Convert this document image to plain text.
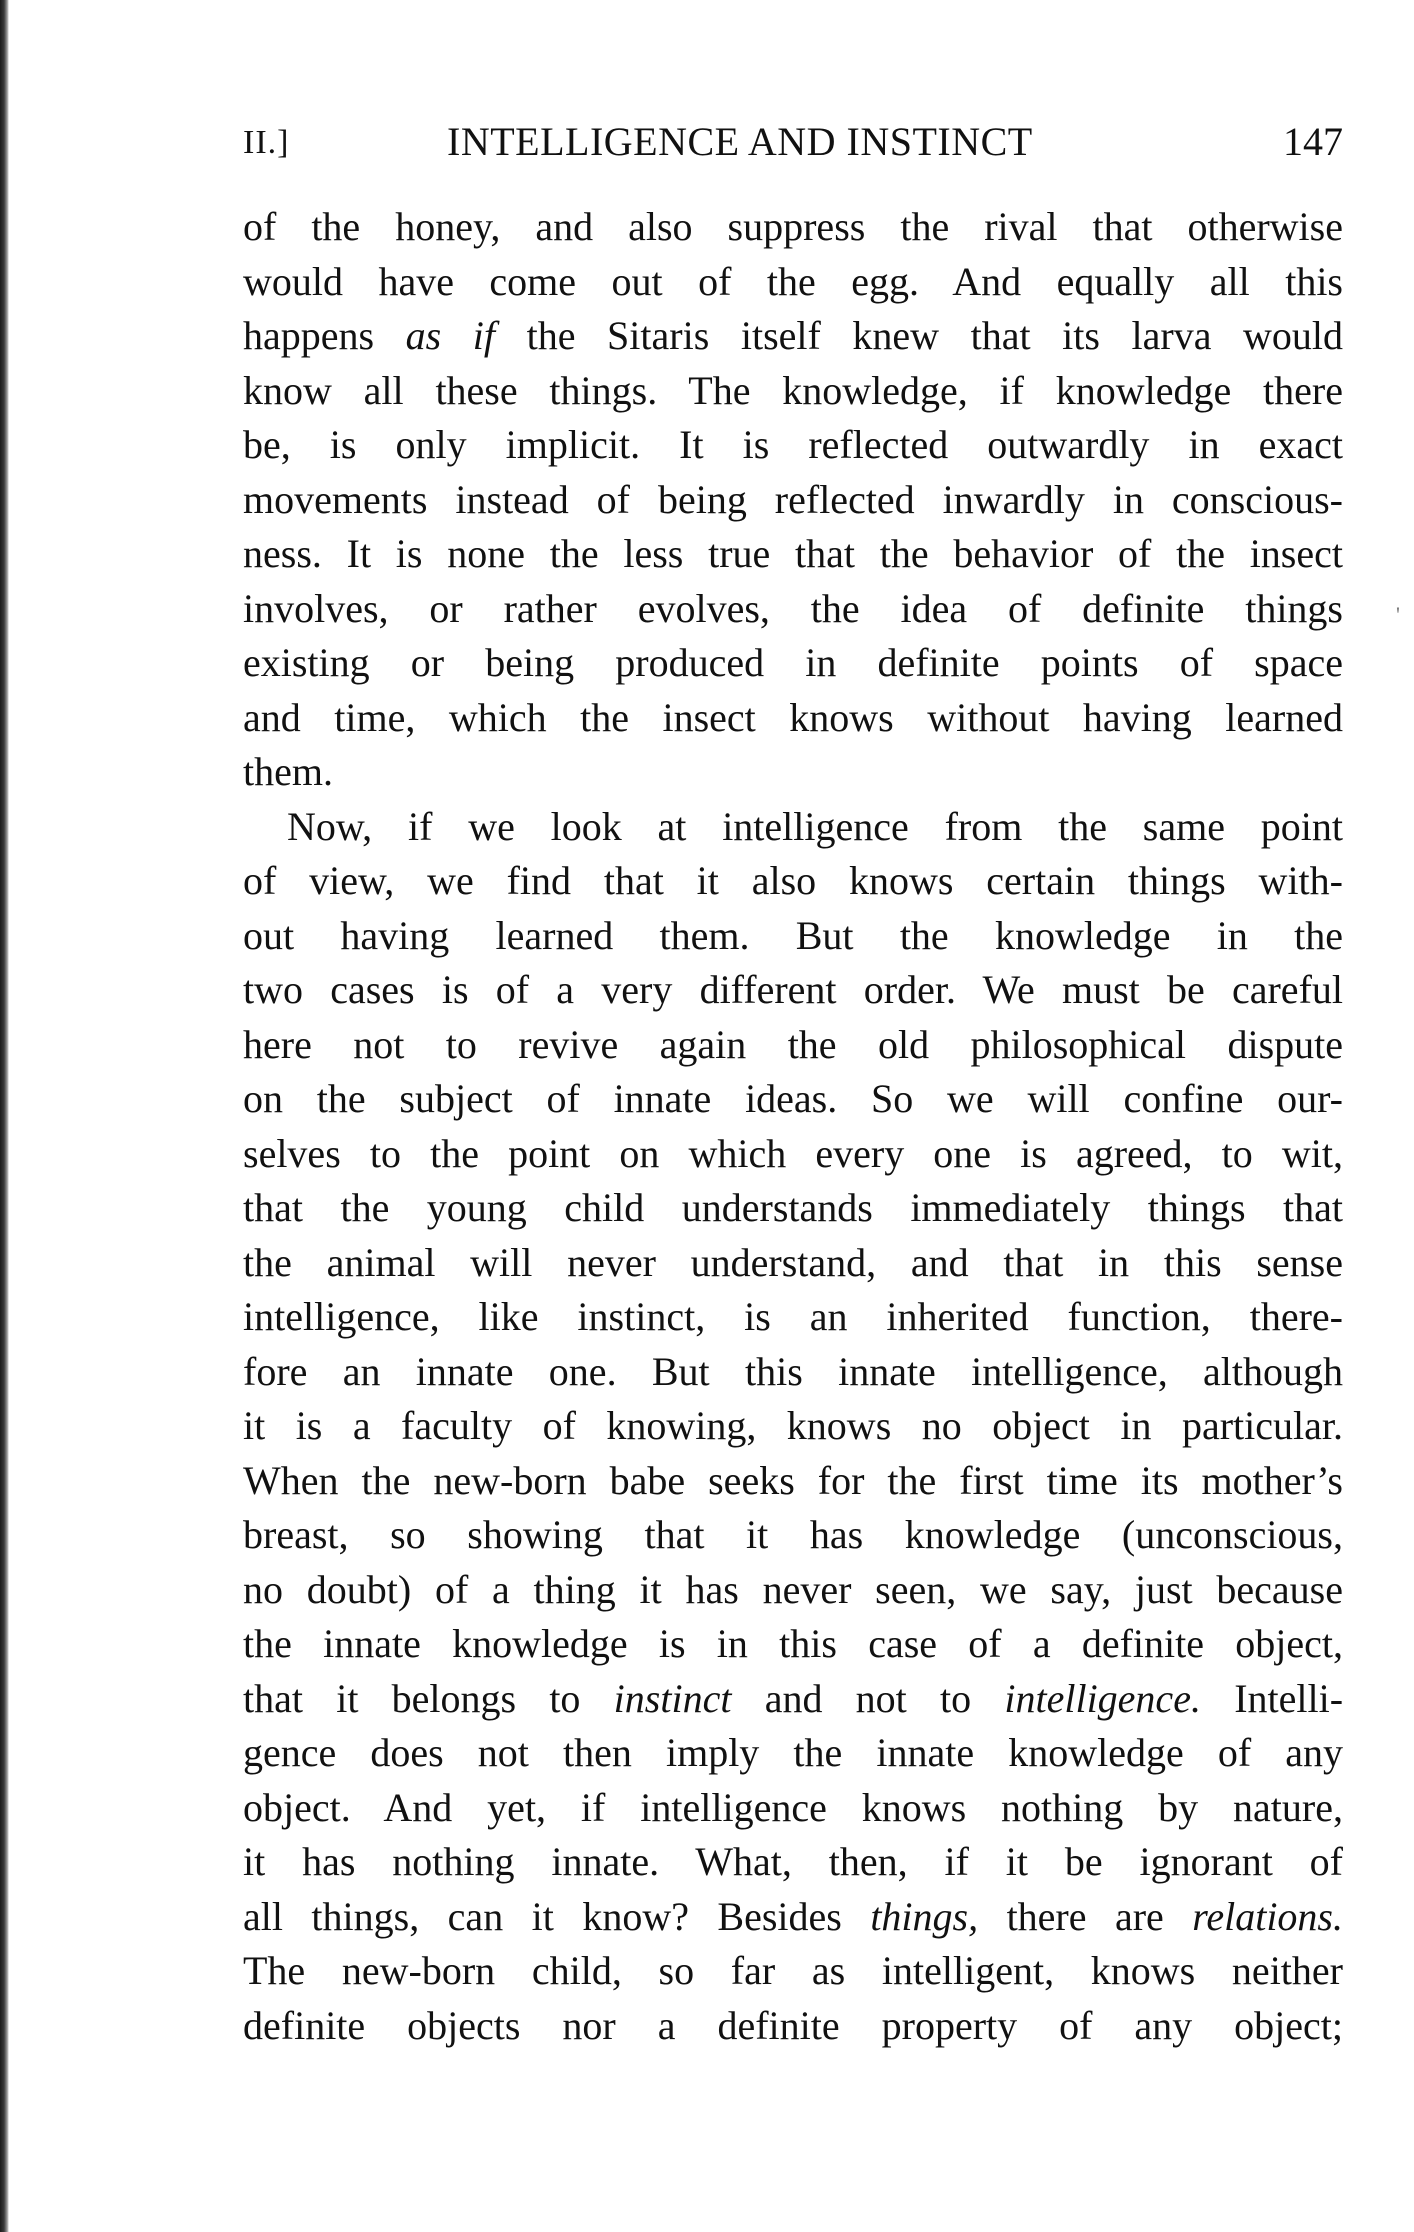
II.]	INTELLIGENCE AND INSTINCT	147
'
of the honey, and also suppress the rival that otherwise
would have come out of the egg. And equally all this
happens as if the Sitaris itself knew that its larva would
know all these things. The knowledge, if knowledge there
be, is only implicit. It is reflected outwardly in exact
movements instead of being reflected inwardly in conscious-
ness. It is none the less true that the behavior of the insect
involves, or rather evolves, the idea of definite things
existing or being produced in definite points of space
and time, which the insect knows without having learned
them.
Now, if we look at intelligence from the same point
of view, we find that it also knows certain things with-
out having learned them. But the knowledge in the
two cases is of a very different order. We must be careful
here not to revive again the old philosophical dispute
on the subject of innate ideas. So we will confine our-
selves to the point on which every one is agreed, to wit,
that the young child understands immediately things that
the animal will never understand, and that in this sense
intelligence, like instinct, is an inherited function, there-
fore an innate one. But this innate intelligence, although
it is a faculty of knowing, knows no object in particular.
When the new-born babe seeks for the first time its mother’s
breast, so showing that it has knowledge (unconscious,
no doubt) of a thing it has never seen, we say, just because
the innate knowledge is in this case of a definite object,
that it belongs to instinct and not to intelligence. Intelli-
gence does not then imply the innate knowledge of any
object. And yet, if intelligence knows nothing by nature,
it has nothing innate. What, then, if it be ignorant of
all things, can it know? Besides things, there are relations.
The new-born child, so far as intelligent, knows neither
definite objects nor a definite property of any object;
